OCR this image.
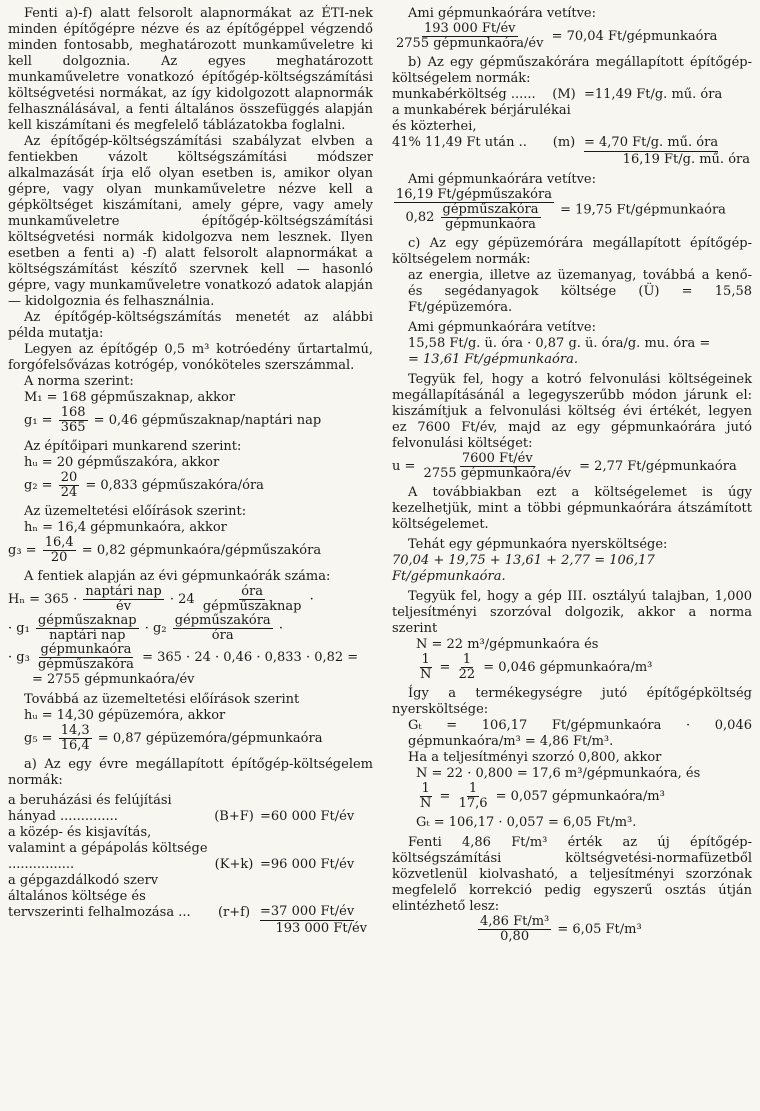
Fenti a)-f) alatt felsorolt alapnormákat az ÉTI-nek minden építőgépre nézve és az építőgéppel végzendő minden fontosabb, meghatározott munkaműveletre ki kell dolgoznia. Az egyes meghatározott munkaműveletre vonatkozó építőgép-költségszámítási költségvetési normákat, az így kidolgozott alapnormák felhasználásával, a fenti általános összefüggés alapján kell kiszámítani és megfelelő táblázatokba foglalni.

Az építőgép-költségszámítási szabályzat elvben a fentiekben vázolt költségszámítási módszer alkalmazását írja elő olyan esetben is, amikor olyan gépre, vagy olyan munkaműveletre nézve kell a gépköltséget kiszámítani, amely gépre, vagy amely munkaműveletre építőgép-költségszámítási költségvetési normák kidolgozva nem lesznek. Ilyen esetben a fenti a) -f) alatt felsorolt alapnormákat a költségszámítást készítő szervnek kell — hasonló gépre, vagy munkaműveletre vonatkozó adatok alapján — kidolgoznia és felhasználnia.

Az építőgép-költségszámítás menetét az alábbi példa mutatja:

Legyen az építőgép 0,5 m³ kotróedény űrtartalmú, forgófelsővázas kotrógép, vonóköteles szerszámmal.

A norma szerint:
M₁ = 168 gépműszaknap, akkor
$g_1 = \frac{168}{365} = 0,46$ gépműszaknap/naptári nap
Az építőipari munkarend szerint:
hᵤ = 20 gépműszakóra, akkor
$g_2 = \frac{20}{24} = 0,833$ gépműszakóra/óra
Az üzemeltetési előírások szerint:
hₙ = 16,4 gépmunkaóra, akkor
$g_3 = \frac{16,4}{20} = 0,82$ gépmunkaóra/gépműszakóra
A fentiek alapján az évi gépmunkaórák száma:
$H_n = 365 \cdot \frac{\text{naptári nap}}{év} \cdot 24 \frac{\text{óra}}{\text{gépműszaknap}}$ ·
· $g_1 \frac{\text{gépműszaknap}}{\text{naptári nap}} \cdot g_2 \frac{\text{gépműszakóra}}{\text{óra}}$ ·
· $g_3 \frac{\text{gépmunkaóra}}{\text{gépműszakóra}} = 365 \cdot 24 \cdot 0,46 \cdot 0,833 \cdot 0,82$ =
= 2755 gépmunkaóra/év
Továbbá az üzemeltetési előírások szerint
hᵤ = 14,30 gépüzemóra, akkor
$g_5 = \frac{14,3}{16,4} = 0,87$ gépüzemóra/gépmunkaóra

a) Az egy évre megállapított építőgép-költségelem normák:

a beruházási és felújítási hányad ..............	(B+F) =60 000 Ft/év
a közép- és kisjavítás, valamint a gépápolás költsége ................	(K+k) =96 000 Ft/év
a gépgazdálkodó szerv általános költsége és tervszerinti felhalmozása ...	(r+f) =37 000 Ft/év
193 000 Ft/év
Ami gépmunkaórára vetítve:
$\frac{193 000 Ft/év}{\text{2755 gépmunkaóra/év}} = 70,04$ Ft/gépmunkaóra

b) Az egy gépműszakórára megállapított építőgép-költségelem normák:

munkabérköltség ......	(M) =11,49 Ft/g. mű. óra
a munkabérek bérjárulékai és közterhei,
41% 11,49 Ft után ..	(m) = 4,70 Ft/g. mű. óra
16,19 Ft/g. mű. óra
Ami gépmunkaórára vetítve:
$\frac{\text{16,19 Ft/gépműszakóra}}{0,82 \frac{\text{gépműszakóra}}{\text{gépmunkaóra}}} = 19,75$ Ft/gépmunkaóra

c) Az egy gépüzemórára megállapított építőgép-költségelem normák:

az energia, illetve az üzemanyag, továbbá a kenő- és segédanyagok költsége (Ü) = 15,58 Ft/gépüzemóra.

Ami gépmunkaórára vetítve:
15,58 Ft/g. ü. óra · 0,87 g. ü. óra/g. mu. óra =
= 13,61 Ft/gépmunkaóra.

Tegyük fel, hogy a kotró felvonulási költségeinek megállapításánál a legegyszerűbb módon járunk el: kiszámítjuk a felvonulási költség évi értékét, legyen ez 7600 Ft/év, majd az egy gépmunkaórára jutó felvonulási költséget:

$u = \frac{7600 Ft/év}{\text{2755 gépmunkaóra/év}} = 2,77$ Ft/gépmunkaóra

A továbbiakban ezt a költségelemet is úgy kezelhetjük, mint a többi gépmunkaórára átszámított költségelemet.

Tehát egy gépmunkaóra nyersköltsége:
70,04 + 19,75 + 13,61 + 2,77 = 106,17 Ft/gépmunkaóra.

Tegyük fel, hogy a gép III. osztályú talajban, 1,000 teljesítményi szorzóval dolgozik, akkor a norma szerint

N = 22 m³/gépmunkaóra és
$\frac{1}{N} = \frac{1}{22} = 0,046$ gépmunkaóra/m³

Így a termékegységre jutó építőgépköltség nyersköltsége:

Gₜ = 106,17 Ft/gépmunkaóra · 0,046 gépmunkaóra/m³ = 4,86 Ft/m³.

Ha a teljesítményi szorzó 0,800, akkor
N = 22 · 0,800 = 17,6 m³/gépmunkaóra, és
$\frac{1}{N} = \frac{1}{17,6} = 0,057$ gépmunkaóra/m³
Gₜ = 106,17 · 0,057 = 6,05 Ft/m³.

Fenti 4,86 Ft/m³ érték az új építőgép-költségszámítási költségvetési-normafüzetből közvetlenül kiolvasható, a teljesítményi szorzónak megfelelő korrekció pedig egyszerű osztás útján elintézhető lesz:

$\frac{\text{4,86 Ft/m³}}{0,80} = 6,05$ Ft/m³
